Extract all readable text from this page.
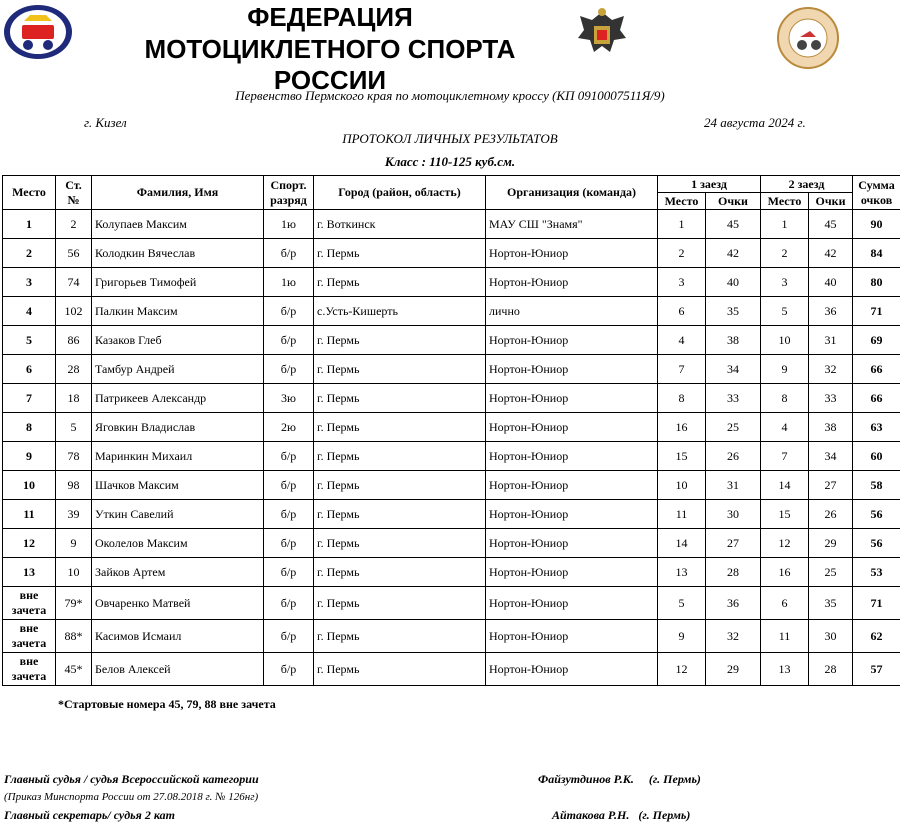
ФЕДЕРАЦИЯ
МОТОЦИКЛЕТНОГО СПОРТА РОССИИ
Первенство Пермского края по мотоциклетному кроссу (КП 0910007511Я/9)
г. Кизел	24 августа 2024 г.
ПРОТОКОЛ ЛИЧНЫХ РЕЗУЛЬТАТОВ
Класс : 110-125 куб.см.
Место	Ст. №	Фамилия, Имя	Спорт. разряд	Город (район, область)	Организация (команда)	1 заезд		2 заезд		Сумма очков
						Место	Очки	Место	Очки	
1	2	Колупаев Максим	1ю	г. Воткинск	МАУ СШ "Знамя"	1	45	1	45	90
2	56	Колодкин Вячеслав	б/р	г. Пермь	Нортон-Юниор	2	42	2	42	84
3	74	Григорьев Тимофей	1ю	г. Пермь	Нортон-Юниор	3	40	3	40	80
4	102	Палкин Максим	б/р	с.Усть-Кишерть	лично	6	35	5	36	71
5	86	Казаков Глеб	б/р	г. Пермь	Нортон-Юниор	4	38	10	31	69
6	28	Тамбур Андрей	б/р	г. Пермь	Нортон-Юниор	7	34	9	32	66
7	18	Патрикеев Александр	3ю	г. Пермь	Нортон-Юниор	8	33	8	33	66
8	5	Яговкин Владислав	2ю	г. Пермь	Нортон-Юниор	16	25	4	38	63
9	78	Маринкин Михаил	б/р	г. Пермь	Нортон-Юниор	15	26	7	34	60
10	98	Шачков Максим	б/р	г. Пермь	Нортон-Юниор	10	31	14	27	58
11	39	Уткин Савелий	б/р	г. Пермь	Нортон-Юниор	11	30	15	26	56
12	9	Околелов Максим	б/р	г. Пермь	Нортон-Юниор	14	27	12	29	56
13	10	Зайков Артем	б/р	г. Пермь	Нортон-Юниор	13	28	16	25	53
вне зачета	79*	Овчаренко Матвей	б/р	г. Пермь	Нортон-Юниор	5	36	6	35	71
вне зачета	88*	Касимов Исмаил	б/р	г. Пермь	Нортон-Юниор	9	32	11	30	62
вне зачета	45*	Белов Алексей	б/р	г. Пермь	Нортон-Юниор	12	29	13	28	57
*Стартовые номера 45, 79, 88 вне зачета
Главный судья / судья Всероссийской категории	Файзутдинов Р.К.     (г. Пермь)
(Приказ Минспорта России от 27.08.2018 г. № 126нг)
Главный секретарь/ судья 2 кат	Айтакова Р.Н.   (г. Пермь)
